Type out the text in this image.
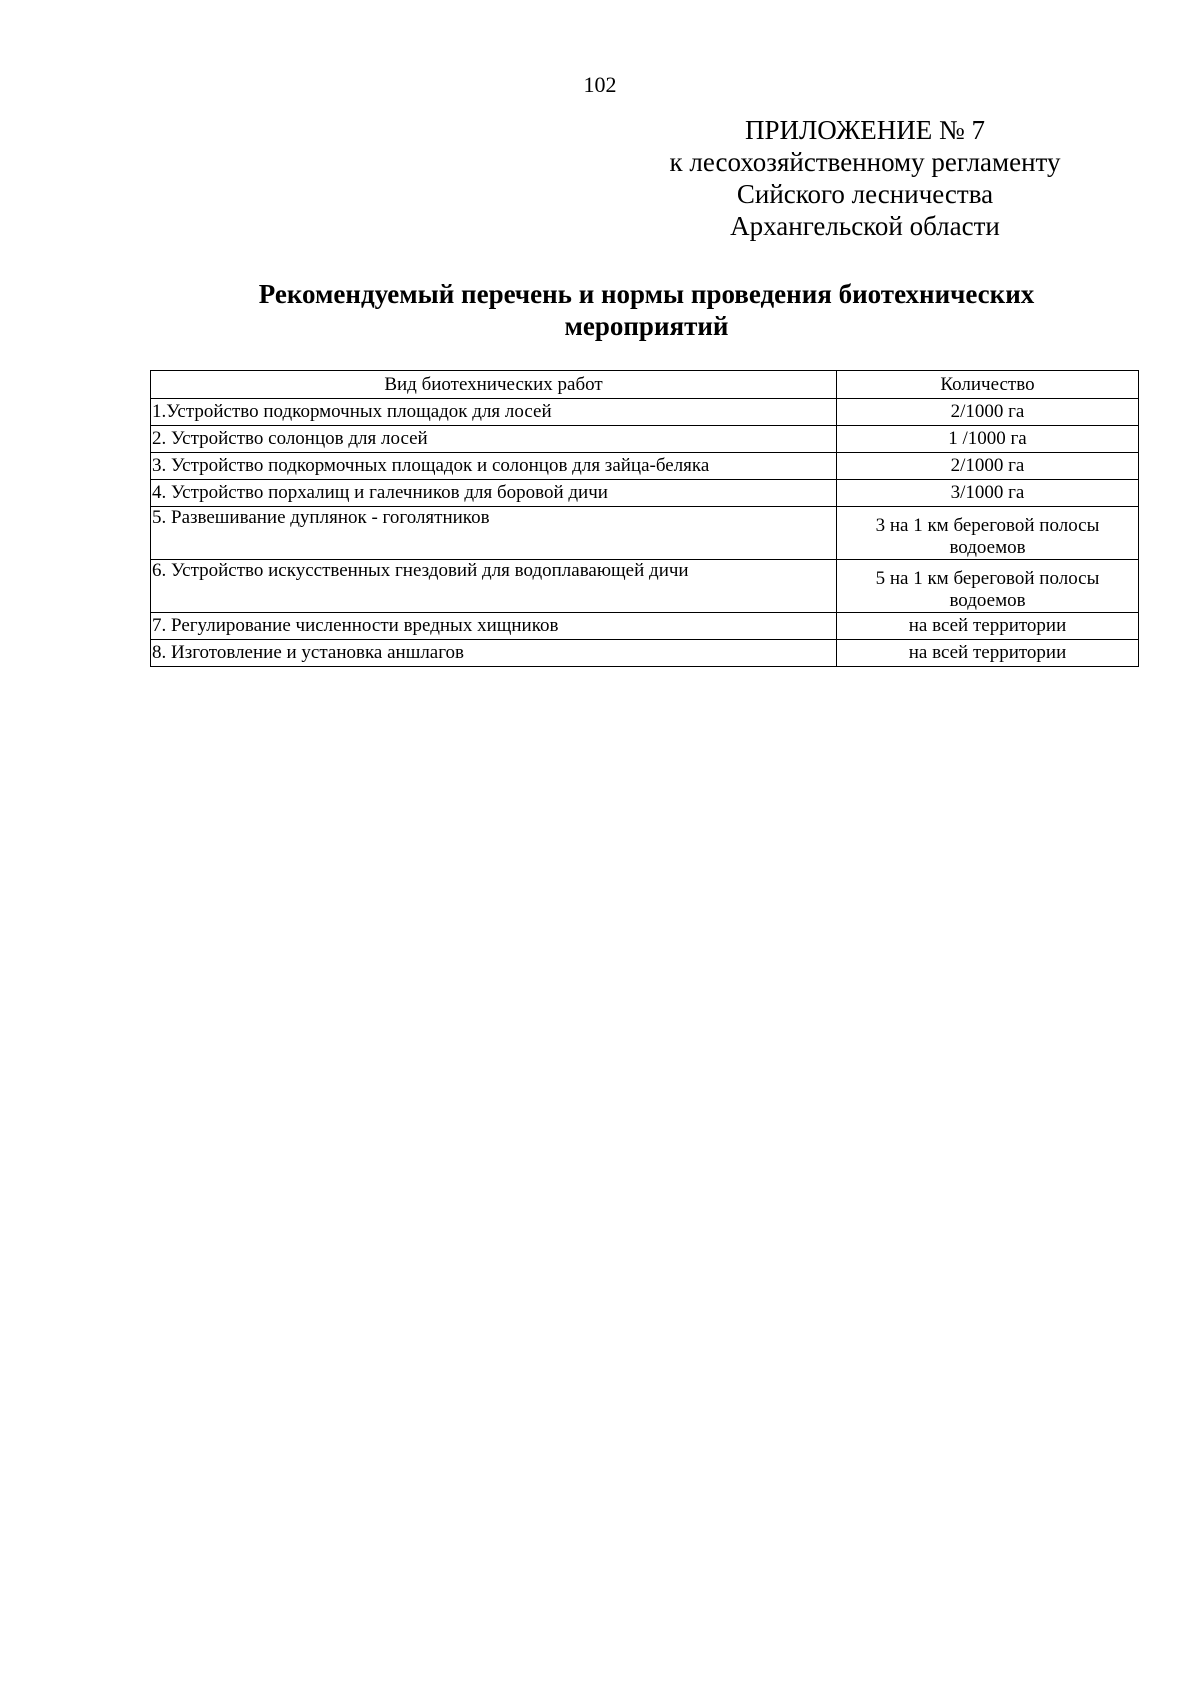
102
ПРИЛОЖЕНИЕ № 7
к лесохозяйственному регламенту
Сийского лесничества
Архангельской области
Рекомендуемый перечень и нормы проведения биотехнических
мероприятий
Вид биотехнических работ	Количество
1.Устройство подкормочных площадок для лосей	2/1000 га
2. Устройство солонцов для лосей	1 /1000 га
3. Устройство подкормочных площадок и солонцов для зайца-беляка	2/1000 га
4. Устройство порхалищ и галечников для боровой дичи	3/1000 га
5. Развешивание дуплянок - гоголятников	3 на 1 км береговой полосы водоемов
6. Устройство искусственных гнездовий для водоплавающей дичи	5 на 1 км береговой полосы водоемов
7. Регулирование численности вредных хищников	на всей территории
8. Изготовление и установка аншлагов	на всей территории
